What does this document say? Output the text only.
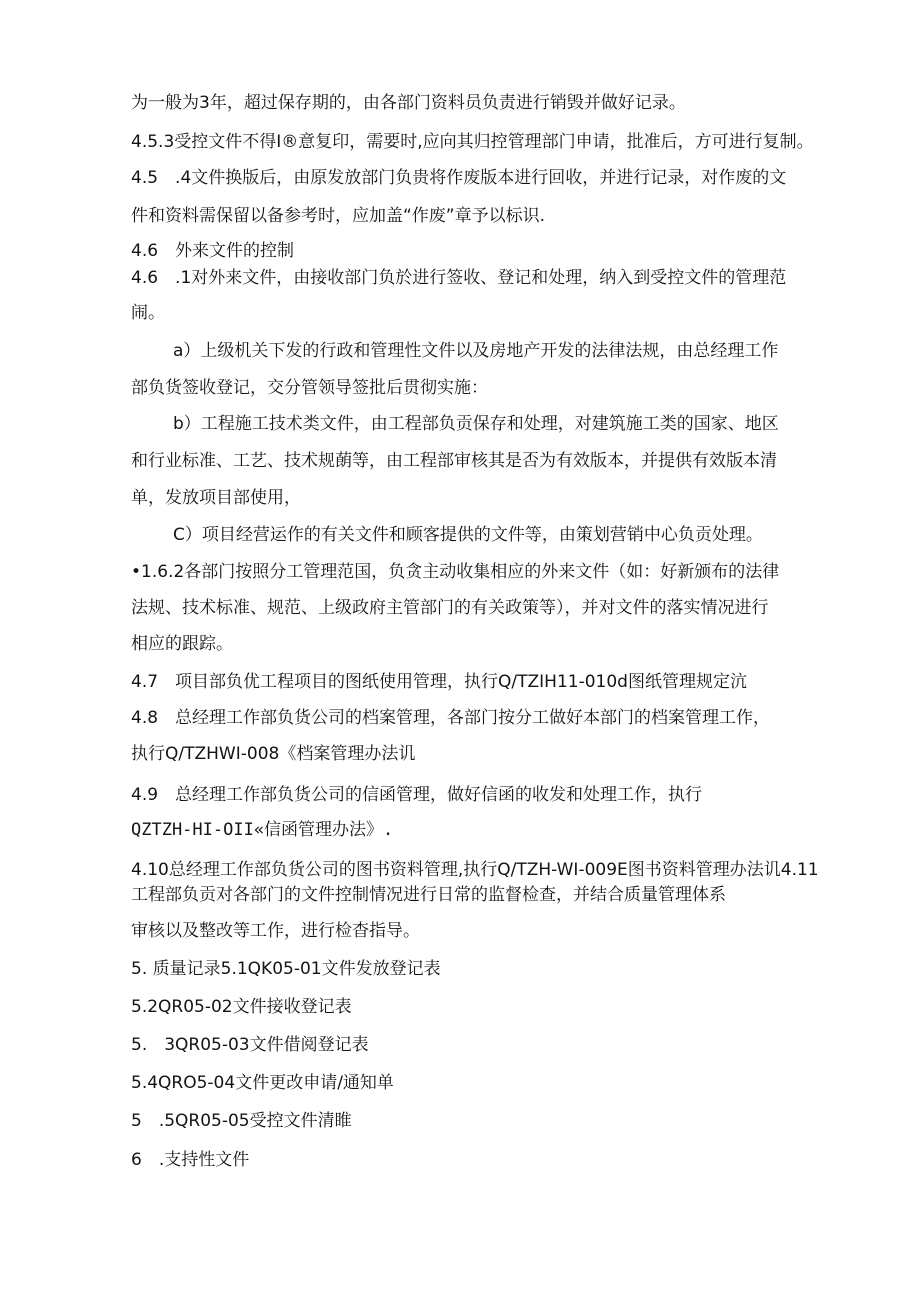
为一般为3年，超过保存期的，由各部门资料员负责进行销毁并做好记录。
4.5.3受控文件不得I®意复印，需要时,应向其归控管理部门申请，批准后，方可进行复制。
4.5　.4文件换版后，由原发放部门负贵将作废版本进行回收，并进行记录，对作废的文
件和资料需保留以备参考时，应加盖“作废”章予以标识.
4.6　外来文件的控制
4.6　.1对外来文件，由接收部门负於进行签收、登记和处理，纳入到受控文件的管理范
闹。
a）上级机关下发的行政和管理性文件以及房地产开发的法律法规，由总经理工作
部负货签收登记，交分管领导签批后贯彻实施：
b）工程施工技术类文件，由工程部负贡保存和处理，对建筑施工类的国家、地区
和行业标准、工艺、技术规蓢等，由工程部审核其是否为有效版本，并提供有效版本清
单，发放项目部使用，
C）项目经营运作的有关文件和顾客提供的文件等，由策划营销中心负贡处理。
•1.6.2各部门按照分工管理范国，负贪主动收集相应的外来文件（如：好新颁布的法律
法规、技术标准、规范、上级政府主管部门的有关政策等），并对文件的落实情况进行
相应的跟踪。
4.7　项目部负优工程项目的图纸使用管理，执行Q/TZIH11-010d图纸管理规定沆
4.8　总经理工作部负货公司的档案管理，各部门按分工做好本部门的档案管理工作，
执行Q/TZHWI-008《档案管理办法讥
4.9　总经理工作部负货公司的信函管理，做好信函的收发和处理工作，执行
QZTZH-HI-OII«信函管理办法》.
4.10总经理工作部负货公司的图书资料管理,执行Q/TZH-WI-009E图书资料管理办法讥4.11
工程部负贡对各部门的文件控制情况进行日常的监督检查，并结合质量管理体系
审核以及整改等工作，进行检杳指导。
5. 质量记录5.1QK05-01文件发放登记表
5.2QR05-02文件接收登记表
5.　3QR05-03文件借阅登记表
5.4QRO5-04文件更改申请/通知单
5　.5QR05-05受控文件清睢
6　.支持性文件
